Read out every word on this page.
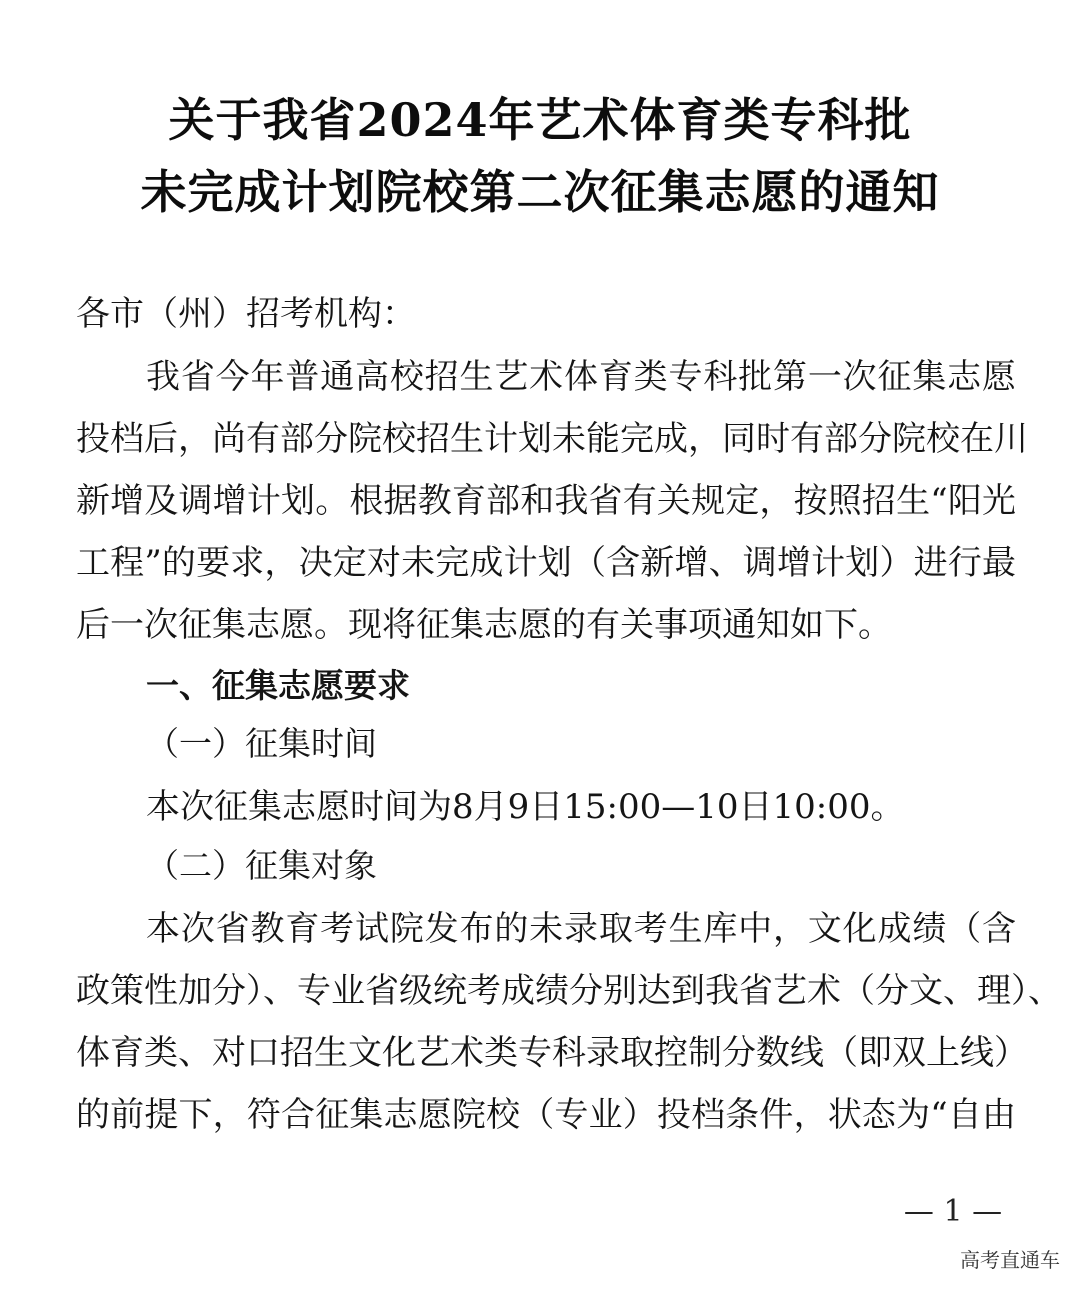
关于我省2024年艺术体育类专科批
未完成计划院校第二次征集志愿的通知
各市（州）招考机构：
我省今年普通高校招生艺术体育类专科批第一次征集志愿
投档后，尚有部分院校招生计划未能完成，同时有部分院校在川
新增及调增计划。根据教育部和我省有关规定，按照招生“阳光
工程”的要求，决定对未完成计划（含新增、调增计划）进行最
后一次征集志愿。现将征集志愿的有关事项通知如下。
一、征集志愿要求
（一）征集时间
本次征集志愿时间为8月9日15:00—10日10:00。
（二）征集对象
本次省教育考试院发布的未录取考生库中，文化成绩（含
政策性加分）、专业省级统考成绩分别达到我省艺术（分文、理）、
体育类、对口招生文化艺术类专科录取控制分数线（即双上线）
的前提下，符合征集志愿院校（专业）投档条件，状态为“自由
— 1 —
高考直通车
